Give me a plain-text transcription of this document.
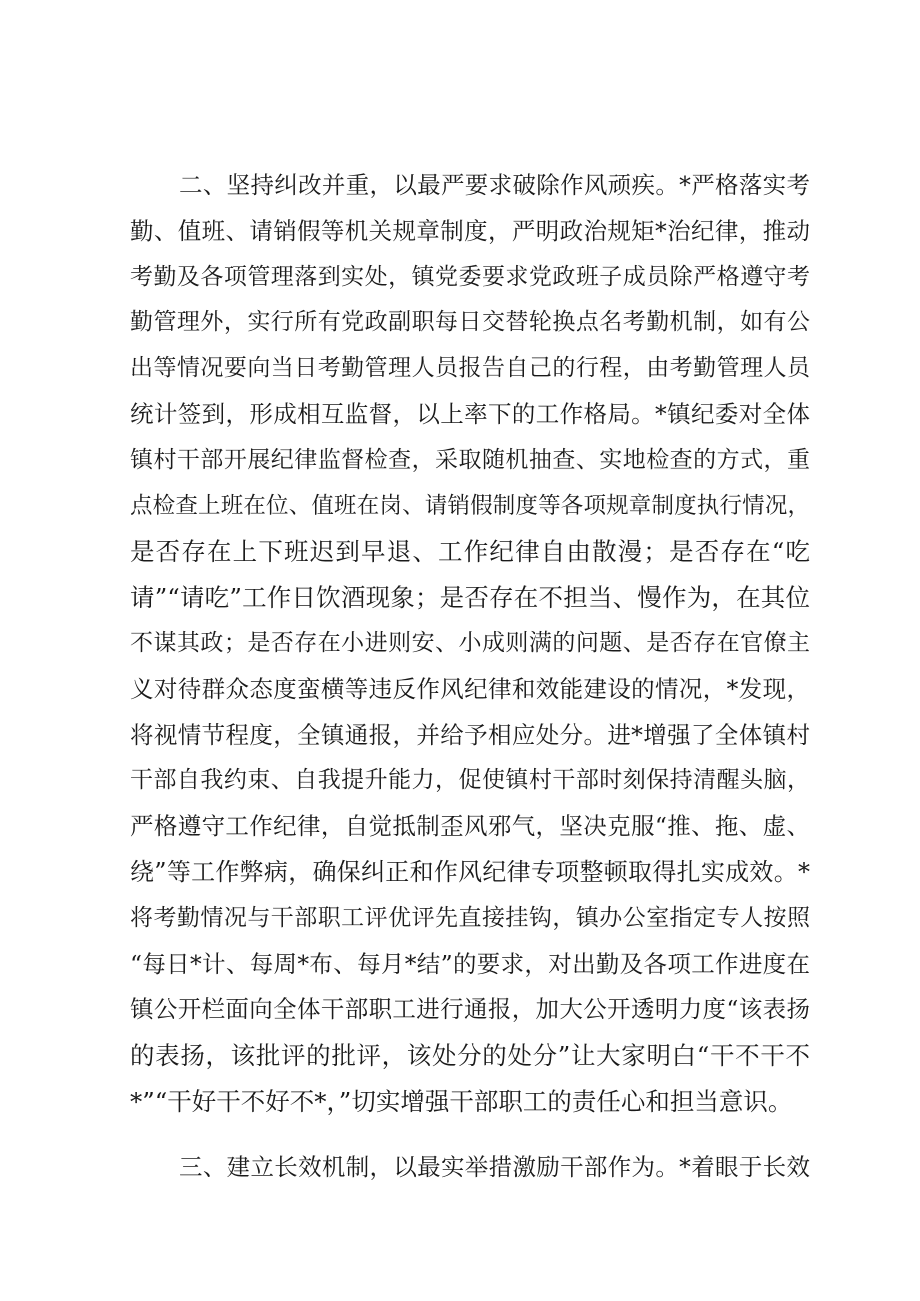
二、坚持纠改并重，以最严要求破除作风顽疾。*严格落实考
勤、值班、请销假等机关规章制度，严明政治规矩*治纪律，推动
考勤及各项管理落到实处，镇党委要求党政班子成员除严格遵守考
勤管理外，实行所有党政副职每日交替轮换点名考勤机制，如有公
出等情况要向当日考勤管理人员报告自己的行程，由考勤管理人员
统计签到，形成相互监督，以上率下的工作格局。*镇纪委对全体
镇村干部开展纪律监督检查，采取随机抽查、实地检查的方式，重
点检查上班在位、值班在岗、请销假制度等各项规章制度执行情况，
是否存在上下班迟到早退、工作纪律自由散漫；是否存在“吃
请”“请吃”工作日饮酒现象；是否存在不担当、慢作为，在其位
不谋其政；是否存在小进则安、小成则满的问题、是否存在官僚主
义对待群众态度蛮横等违反作风纪律和效能建设的情况，*发现，
将视情节程度，全镇通报，并给予相应处分。进*增强了全体镇村
干部自我约束、自我提升能力，促使镇村干部时刻保持清醒头脑，
严格遵守工作纪律，自觉抵制歪风邪气，坚决克服“推、拖、虚、
绕”等工作弊病，确保纠正和作风纪律专项整顿取得扎实成效。*
将考勤情况与干部职工评优评先直接挂钩，镇办公室指定专人按照
“每日*计、每周*布、每月*结”的要求，对出勤及各项工作进度在
镇公开栏面向全体干部职工进行通报，加大公开透明力度“该表扬
的表扬，该批评的批评，该处分的处分”让大家明白“干不干不
*”“干好干不好不*，”切实增强干部职工的责任心和担当意识。
三、建立长效机制，以最实举措激励干部作为。*着眼于长效
